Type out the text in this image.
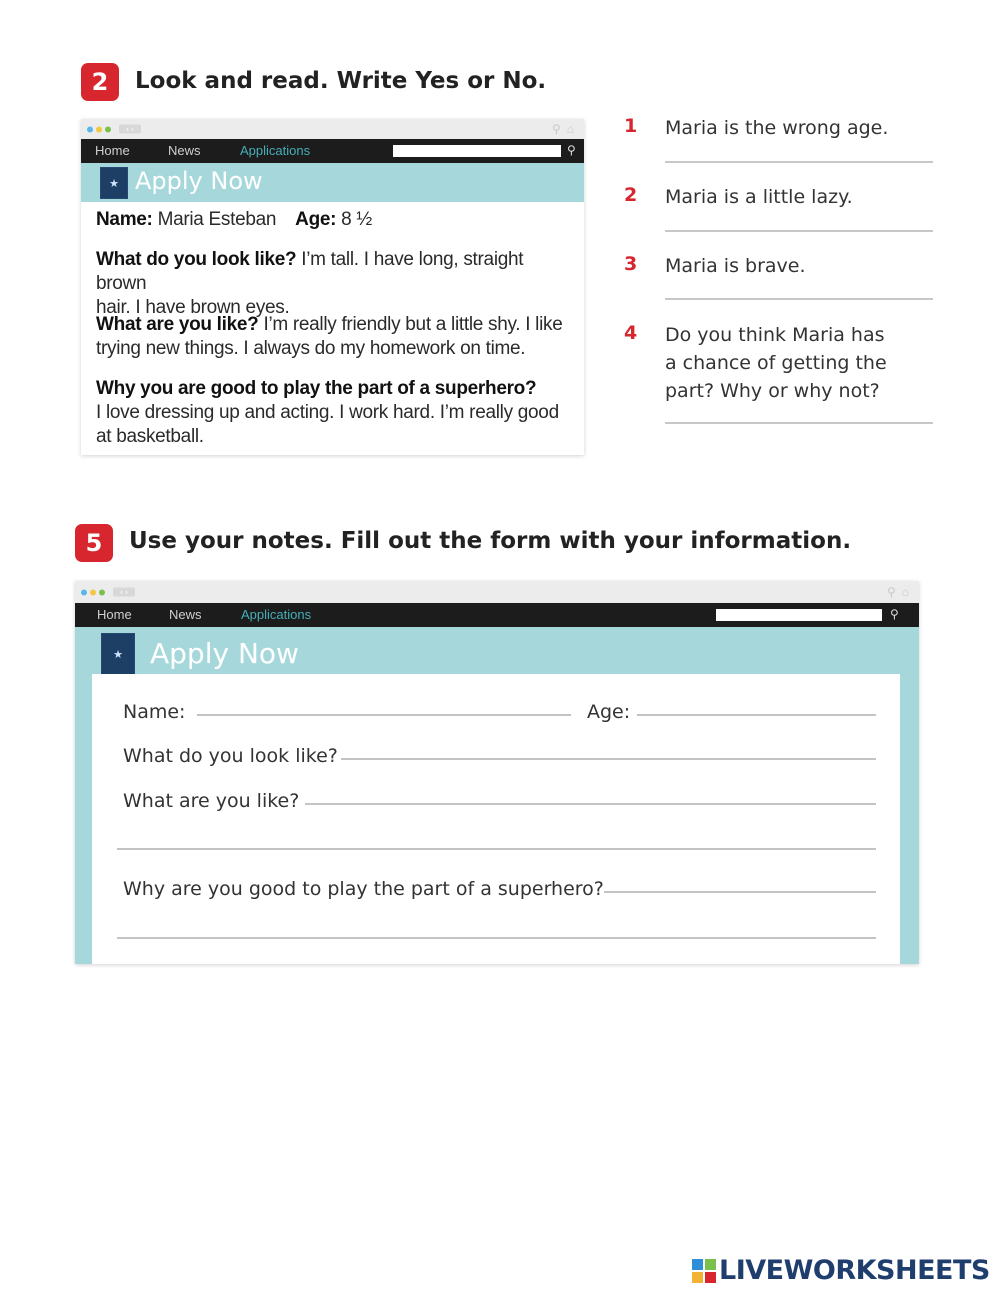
2 Look and read. Write Yes or No.
‹ ›	⚲ ⌂
Home	News	Applications	⚲
★ Apply Now
Name: Maria Esteban Age: 8 ½
What do you look like? I’m tall. I have long, straight brown
hair. I have brown eyes.
What are you like? I’m really friendly but a little shy. I like
trying new things. I always do my homework on time.
Why you are good to play the part of a superhero?
I love dressing up and acting. I work hard. I’m really good
at basketball.
1 Maria is the wrong age.
2 Maria is a little lazy.
3 Maria is brave.
4 Do you think Maria has
a chance of getting the
part? Why or why not?
5 Use your notes. Fill out the form with your information.
‹ ›	⚲ ⌂
Home	News	Applications	⚲
★ Apply Now
Name:	Age:
What do you look like?
What are you like?
Why are you good to play the part of a superhero?
LIVEWORKSHEETS
